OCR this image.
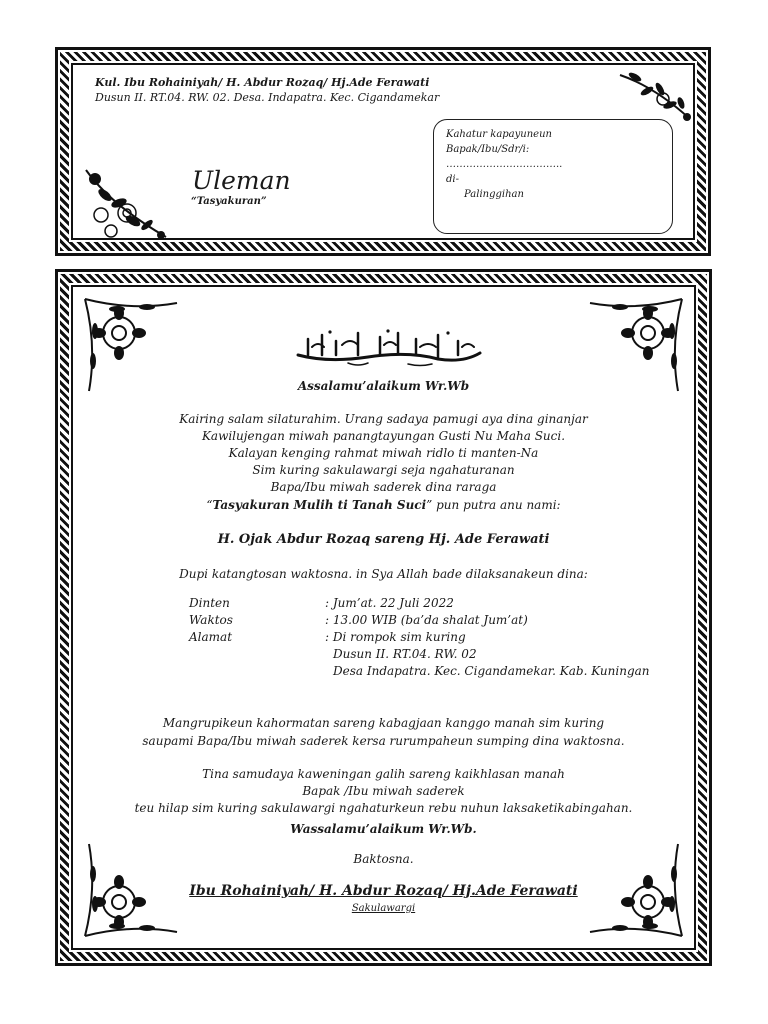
Kul. Ibu Rohainiyah/ H. Abdur Rozaq/ Hj.Ade Ferawati
Dusun II. RT.04. RW. 02. Desa. Indapatra. Kec. Cigandamekar
Uleman
“Tasyakuran”
Kahatur kapayuneun
Bapak/Ibu/Sdr/i:
……………………………..
di-
Palinggihan
Assalamu’alaikum Wr.Wb
Kairing salam silaturahim. Urang sadaya pamugi aya dina ginanjar
Kawilujengan miwah panangtayungan Gusti Nu Maha Suci.
Kalayan kenging rahmat miwah ridlo ti manten-Na
Sim kuring sakulawargi seja ngahaturanan
Bapa/Ibu miwah saderek dina raraga
“Tasyakuran Mulih ti Tanah Suci” pun putra anu nami:
H. Ojak Abdur Rozaq sareng Hj. Ade Ferawati
Dupi katangtosan waktosna. in Sya Allah bade dilaksanakeun dina:
Dinten	: Jum’at. 22 Juli 2022
Waktos	: 13.00 WIB (ba’da shalat Jum’at)
Alamat	: Di rompok sim kuring
Dusun II. RT.04. RW. 02
Desa Indapatra. Kec. Cigandamekar. Kab. Kuningan
Mangrupikeun kahormatan sareng kabagjaan kanggo manah sim kuring
saupami Bapa/Ibu miwah saderek kersa rurumpaheun sumping dina waktosna.
Tina samudaya kaweningan galih sareng kaikhlasan manah
Bapak /Ibu miwah saderek
teu hilap sim kuring sakulawargi ngahaturkeun rebu nuhun laksaketikabingahan.
Wassalamu’alaikum Wr.Wb.
Baktosna.
Ibu Rohainiyah/ H. Abdur Rozaq/ Hj.Ade Ferawati
Sakulawargi
